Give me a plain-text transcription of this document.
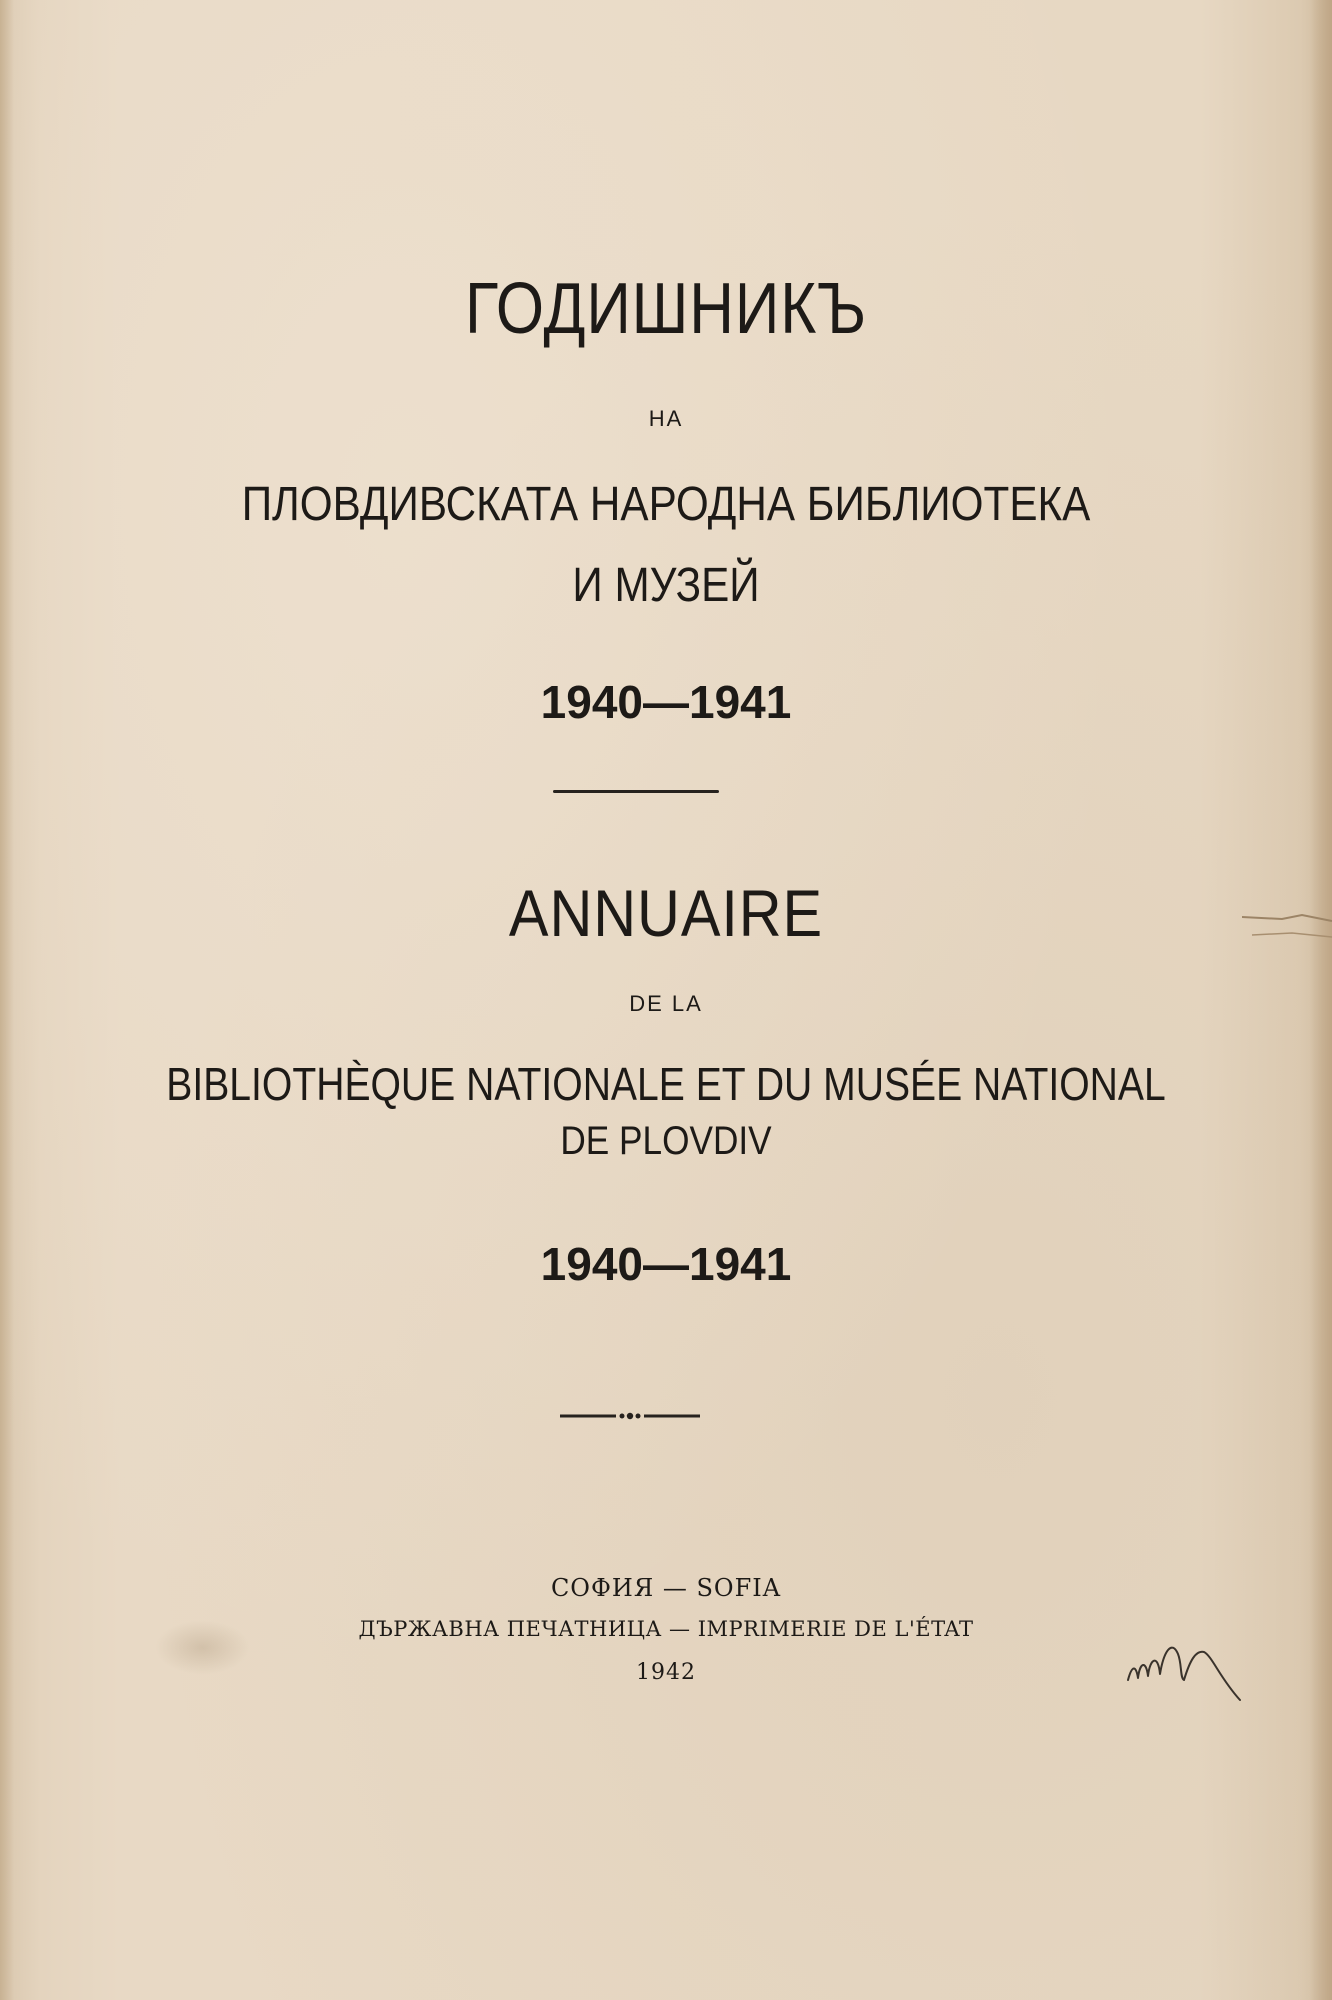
ГОДИШНИКЪ
НА
ПЛОВДИВСКАТА НАРОДНА БИБЛИОТЕКА
И МУЗЕЙ
1940—1941
ANNUAIRE
DE LA
BIBLIOTHÈQUE NATIONALE ET DU MUSÉE NATIONAL
DE PLOVDIV
1940—1941
СОФИЯ — SOFIA
ДЪРЖАВНА ПЕЧАТНИЦА — IMPRIMERIE DE L'ÉTAT
1942
